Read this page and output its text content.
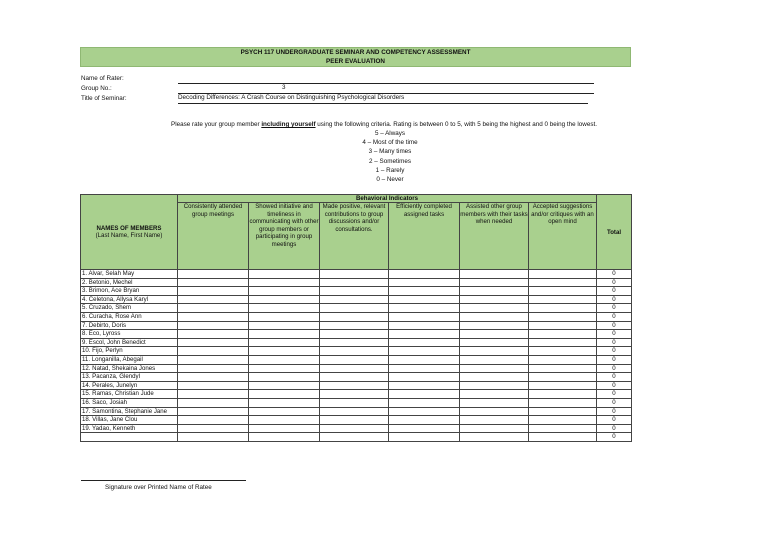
PSYCH 117 UNDERGRADUATE SEMINAR AND COMPETENCY ASSESSMENT
PEER EVALUATION
Name of Rater:
Group No.:	3
Title of Seminar:	Decoding Differences: A Crash Course on Distinguishing Psychological Disorders
Please rate your group member including yourself using the following criteria. Rating is between 0 to 5, with 5 being the highest and 0 being the lowest.
5 – Always
4 – Most of the time
3 – Many times
2 – Sometimes
1 – Rarely
0 – Never
NAMES OF MEMBERS
(Last Name, First Name)	Behavioral Indicators						Total
	Consistently attended group meetings	Showed initiative and timeliness in communicating with other group members or participating in group meetings	Made positive, relevant contributions to group discussions and/or consultations.	Efficiently completed assigned tasks	Assisted other group members with their tasks when needed	Accepted suggestions and/or critiques with an open mind	
1. Alvar, Selah May							0
2. Betonio, Mechel							0
3. Brimon, Ace Bryan							0
4. Celetona, Allysa Karyl							0
5. Cruzado, Shem							0
6. Curacha, Rose Ann							0
7. Debirto, Doris							0
8. Eco, Lyross							0
9. Escol, John Benedict							0
10. Fijo, Perlyn							0
11. Longanilla, Abegail							0
12. Natad, Shekaina Jones							0
13. Pacanza, Glendyl							0
14. Perales, Junelyn							0
15. Ramas, Christian Jude							0
16. Saco, Josiah							0
17. Samontina, Stephanie Jane							0
18. Villas, Jane Clou							0
19. Yadao, Kenneth							0
							0
Signature over Printed Name of Ratee
